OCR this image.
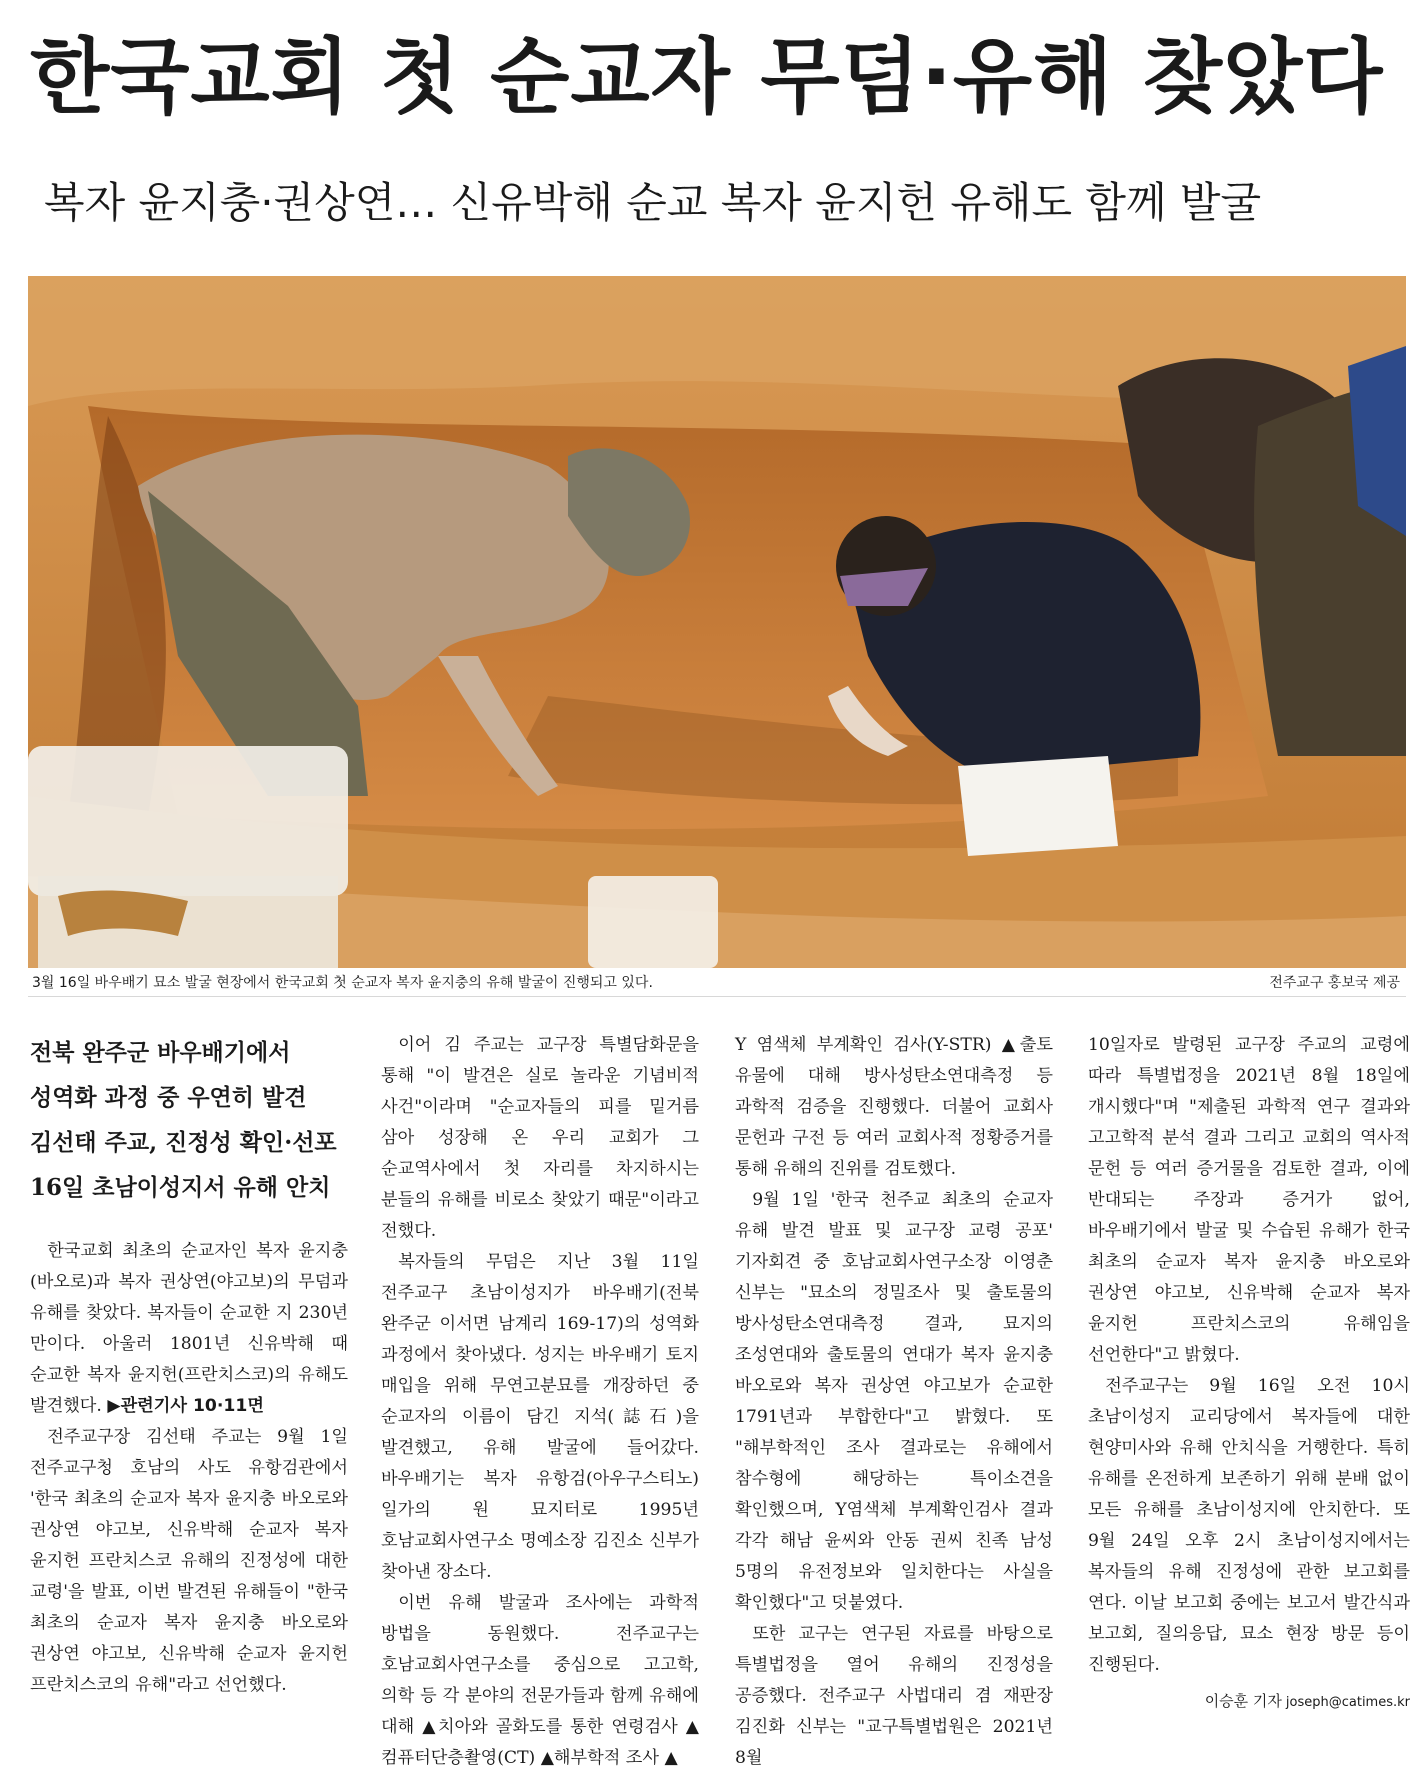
한국교회 첫 순교자 무덤·유해 찾았다
복자 윤지충·권상연… 신유박해 순교 복자 윤지헌 유해도 함께 발굴
3월 16일 바우배기 묘소 발굴 현장에서 한국교회 첫 순교자 복자 윤지충의 유해 발굴이 진행되고 있다.	전주교구 홍보국 제공
전북 완주군 바우배기에서
성역화 과정 중 우연히 발견
김선태 주교, 진정성 확인·선포
16일 초남이성지서 유해 안치

한국교회 최초의 순교자인 복자 윤지충(바오로)과 복자 권상연(야고보)의 무덤과 유해를 찾았다. 복자들이 순교한 지 230년 만이다. 아울러 1801년 신유박해 때 순교한 복자 윤지헌(프란치스코)의 유해도 발견했다. ▶관련기사 10·11면

전주교구장 김선태 주교는 9월 1일 전주교구청 호남의 사도 유항검관에서 '한국 최초의 순교자 복자 윤지충 바오로와 권상연 야고보, 신유박해 순교자 복자 윤지헌 프란치스코 유해의 진정성에 대한 교령'을 발표, 이번 발견된 유해들이 "한국 최초의 순교자 복자 윤지충 바오로와 권상연 야고보, 신유박해 순교자 윤지헌 프란치스코의 유해"라고 선언했다.

이어 김 주교는 교구장 특별담화문을 통해 "이 발견은 실로 놀라운 기념비적 사건"이라며 "순교자들의 피를 밑거름 삼아 성장해 온 우리 교회가 그 순교역사에서 첫 자리를 차지하시는 분들의 유해를 비로소 찾았기 때문"이라고 전했다.

복자들의 무덤은 지난 3월 11일 전주교구 초남이성지가 바우배기(전북 완주군 이서면 남계리 169-17)의 성역화 과정에서 찾아냈다. 성지는 바우배기 토지 매입을 위해 무연고분묘를 개장하던 중 순교자의 이름이 담긴 지석(誌石)을 발견했고, 유해 발굴에 들어갔다. 바우배기는 복자 유항검(아우구스티노) 일가의 원 묘지터로 1995년 호남교회사연구소 명예소장 김진소 신부가 찾아낸 장소다.

이번 유해 발굴과 조사에는 과학적 방법을 동원했다. 전주교구는 호남교회사연구소를 중심으로 고고학, 의학 등 각 분야의 전문가들과 함께 유해에 대해 ▲치아와 골화도를 통한 연령검사 ▲컴퓨터단층촬영(CT) ▲해부학적 조사 ▲

Y 염색체 부계확인 검사(Y-STR) ▲출토 유물에 대해 방사성탄소연대측정 등 과학적 검증을 진행했다. 더불어 교회사 문헌과 구전 등 여러 교회사적 정황증거를 통해 유해의 진위를 검토했다.

9월 1일 '한국 천주교 최초의 순교자 유해 발견 발표 및 교구장 교령 공포' 기자회견 중 호남교회사연구소장 이영춘 신부는 "묘소의 정밀조사 및 출토물의 방사성탄소연대측정 결과, 묘지의 조성연대와 출토물의 연대가 복자 윤지충 바오로와 복자 권상연 야고보가 순교한 1791년과 부합한다"고 밝혔다. 또 "해부학적인 조사 결과로는 유해에서 참수형에 해당하는 특이소견을 확인했으며, Y염색체 부계확인검사 결과 각각 해남 윤씨와 안동 권씨 친족 남성 5명의 유전정보와 일치한다는 사실을 확인했다"고 덧붙였다.

또한 교구는 연구된 자료를 바탕으로 특별법정을 열어 유해의 진정성을 공증했다. 전주교구 사법대리 겸 재판장 김진화 신부는 "교구특별법원은 2021년 8월

10일자로 발령된 교구장 주교의 교령에 따라 특별법정을 2021년 8월 18일에 개시했다"며 "제출된 과학적 연구 결과와 고고학적 분석 결과 그리고 교회의 역사적 문헌 등 여러 증거물을 검토한 결과, 이에 반대되는 주장과 증거가 없어, 바우배기에서 발굴 및 수습된 유해가 한국 최초의 순교자 복자 윤지충 바오로와 권상연 야고보, 신유박해 순교자 복자 윤지헌 프란치스코의 유해임을 선언한다"고 밝혔다.

전주교구는 9월 16일 오전 10시 초남이성지 교리당에서 복자들에 대한 현양미사와 유해 안치식을 거행한다. 특히 유해를 온전하게 보존하기 위해 분배 없이 모든 유해를 초남이성지에 안치한다. 또 9월 24일 오후 2시 초남이성지에서는 복자들의 유해 진정성에 관한 보고회를 연다. 이날 보고회 중에는 보고서 발간식과 보고회, 질의응답, 묘소 현장 방문 등이 진행된다.

이승훈 기자 joseph@catimes.kr
